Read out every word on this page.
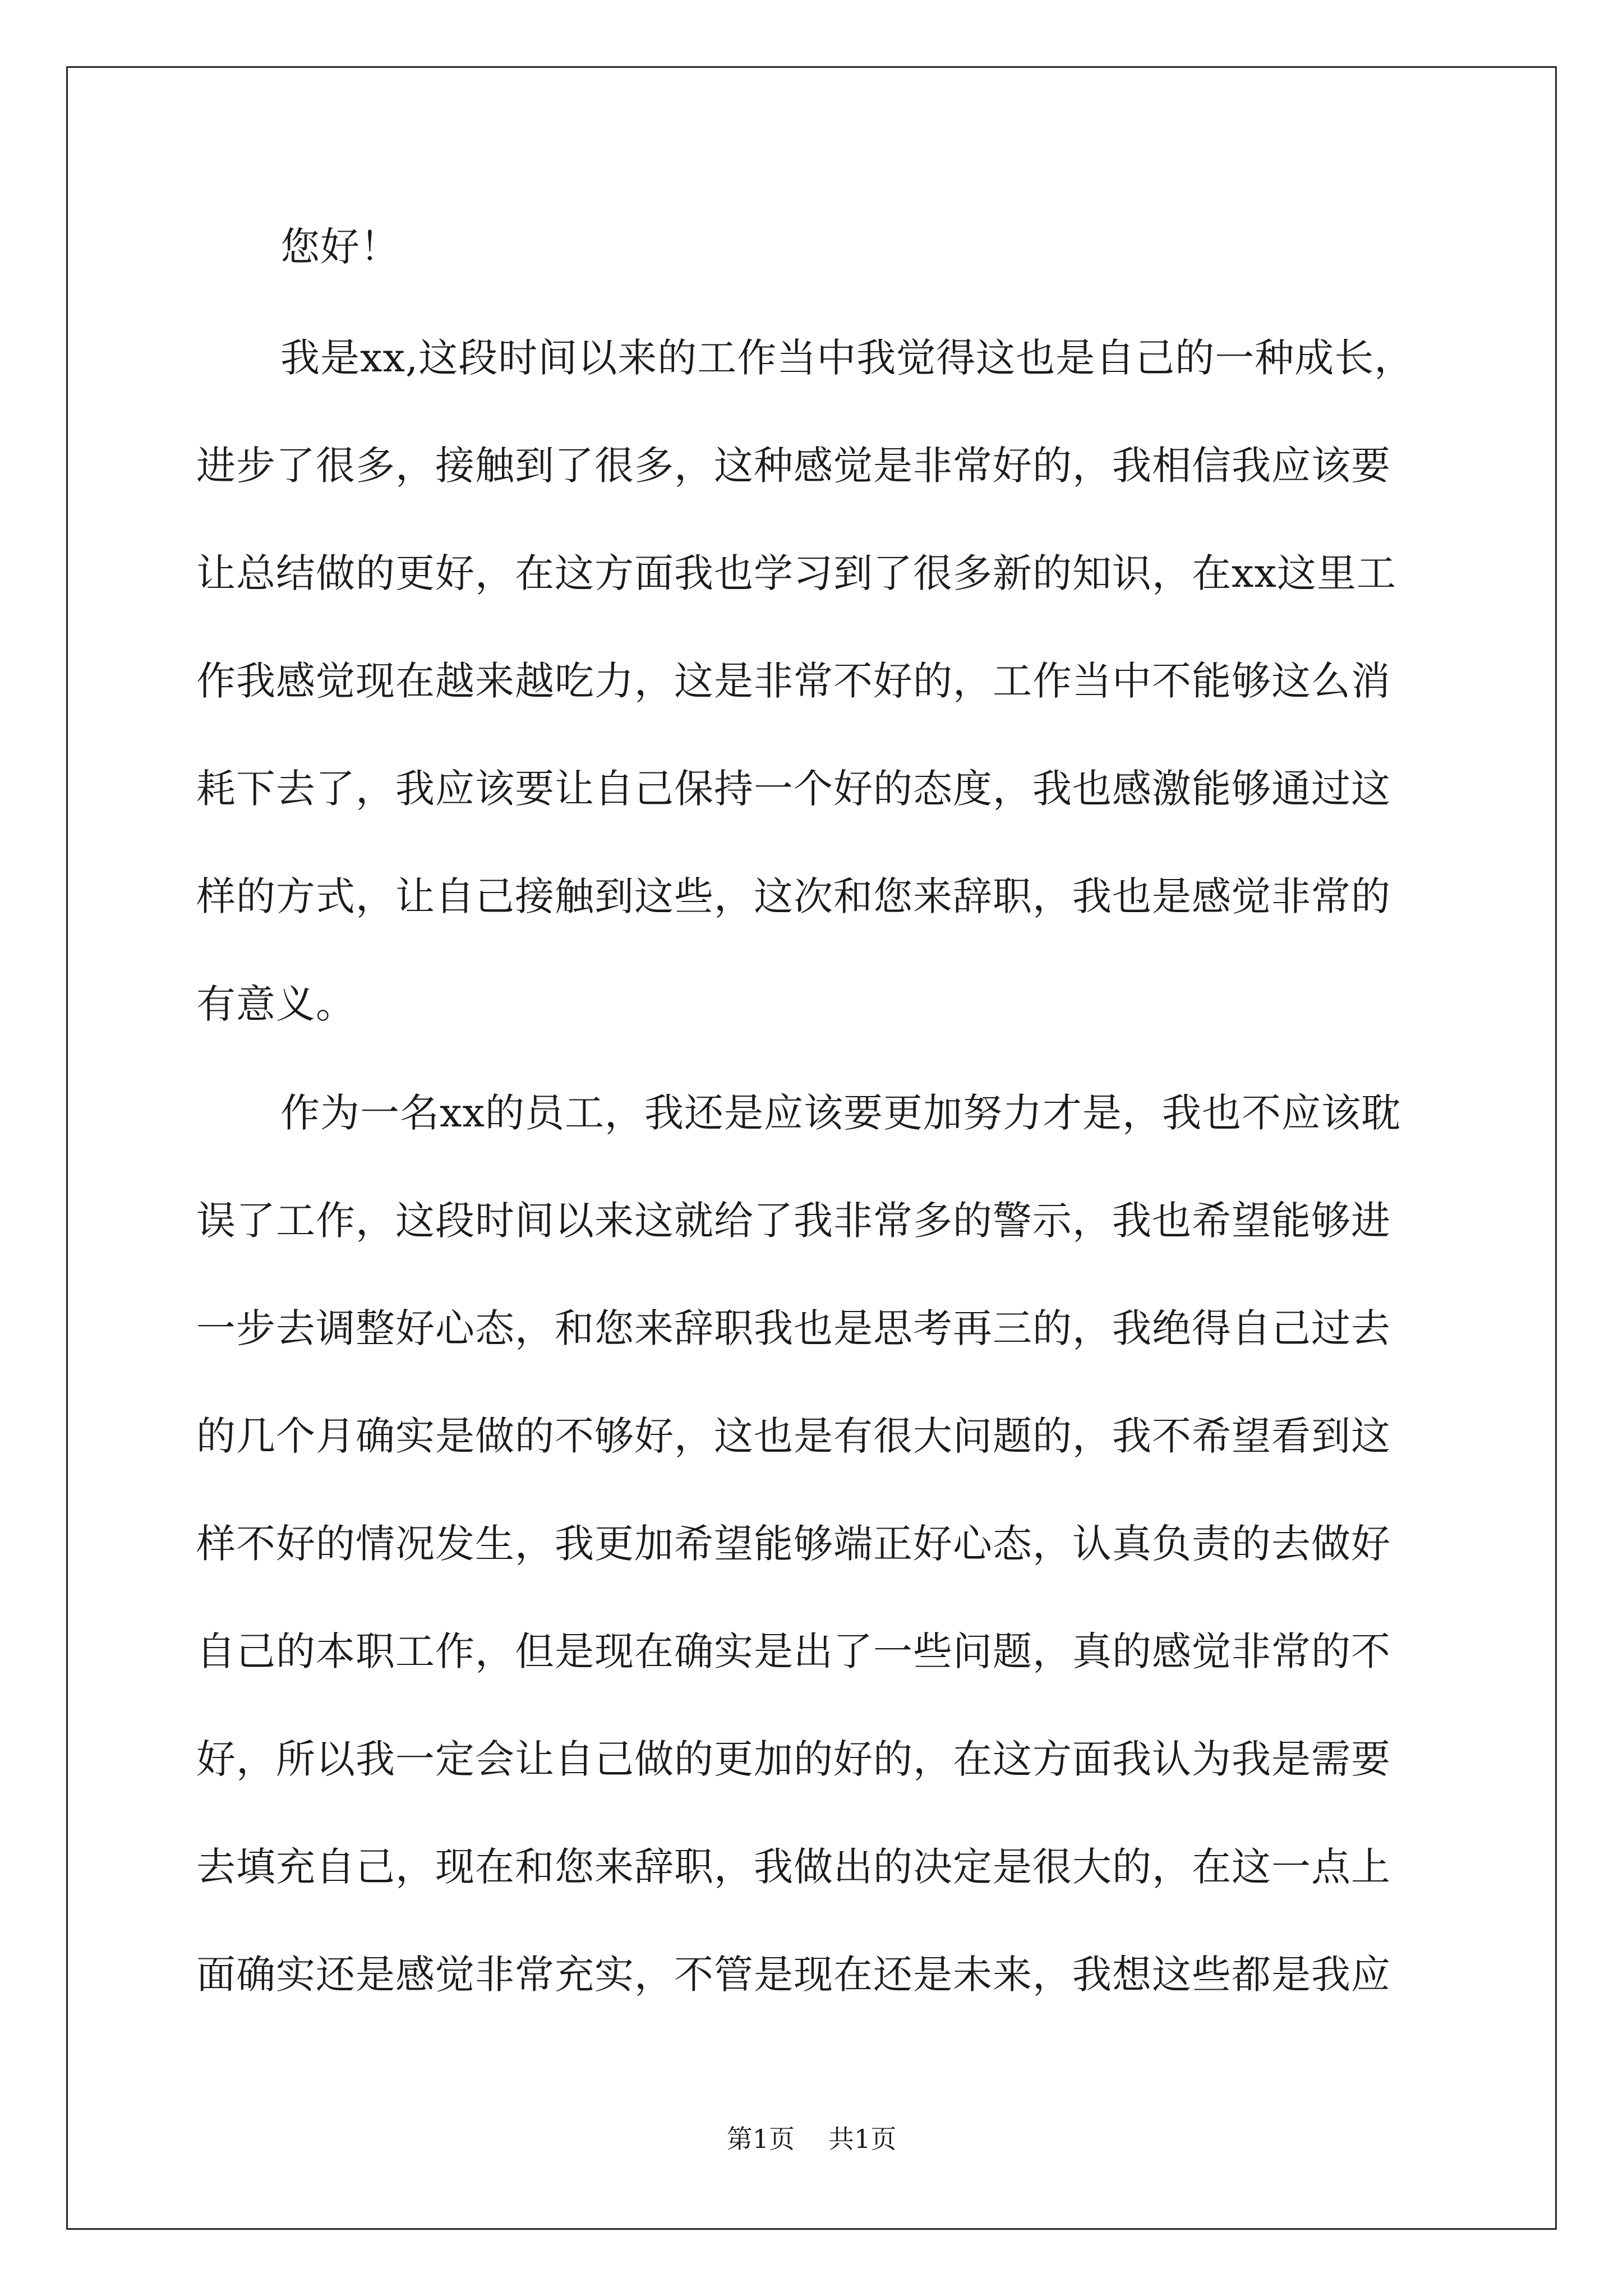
您好！
我是xx,这段时间以来的工作当中我觉得这也是自己的一种成长，
进步了很多，接触到了很多，这种感觉是非常好的，我相信我应该要
让总结做的更好，在这方面我也学习到了很多新的知识，在xx这里工
作我感觉现在越来越吃力，这是非常不好的，工作当中不能够这么消
耗下去了，我应该要让自己保持一个好的态度，我也感激能够通过这
样的方式，让自己接触到这些，这次和您来辞职，我也是感觉非常的
有意义。
作为一名xx的员工，我还是应该要更加努力才是，我也不应该耽
误了工作，这段时间以来这就给了我非常多的警示，我也希望能够进
一步去调整好心态，和您来辞职我也是思考再三的，我绝得自己过去
的几个月确实是做的不够好，这也是有很大问题的，我不希望看到这
样不好的情况发生，我更加希望能够端正好心态，认真负责的去做好
自己的本职工作，但是现在确实是出了一些问题，真的感觉非常的不
好，所以我一定会让自己做的更加的好的，在这方面我认为我是需要
去填充自己，现在和您来辞职，我做出的决定是很大的，在这一点上
面确实还是感觉非常充实，不管是现在还是未来，我想这些都是我应
第1页 共1页
